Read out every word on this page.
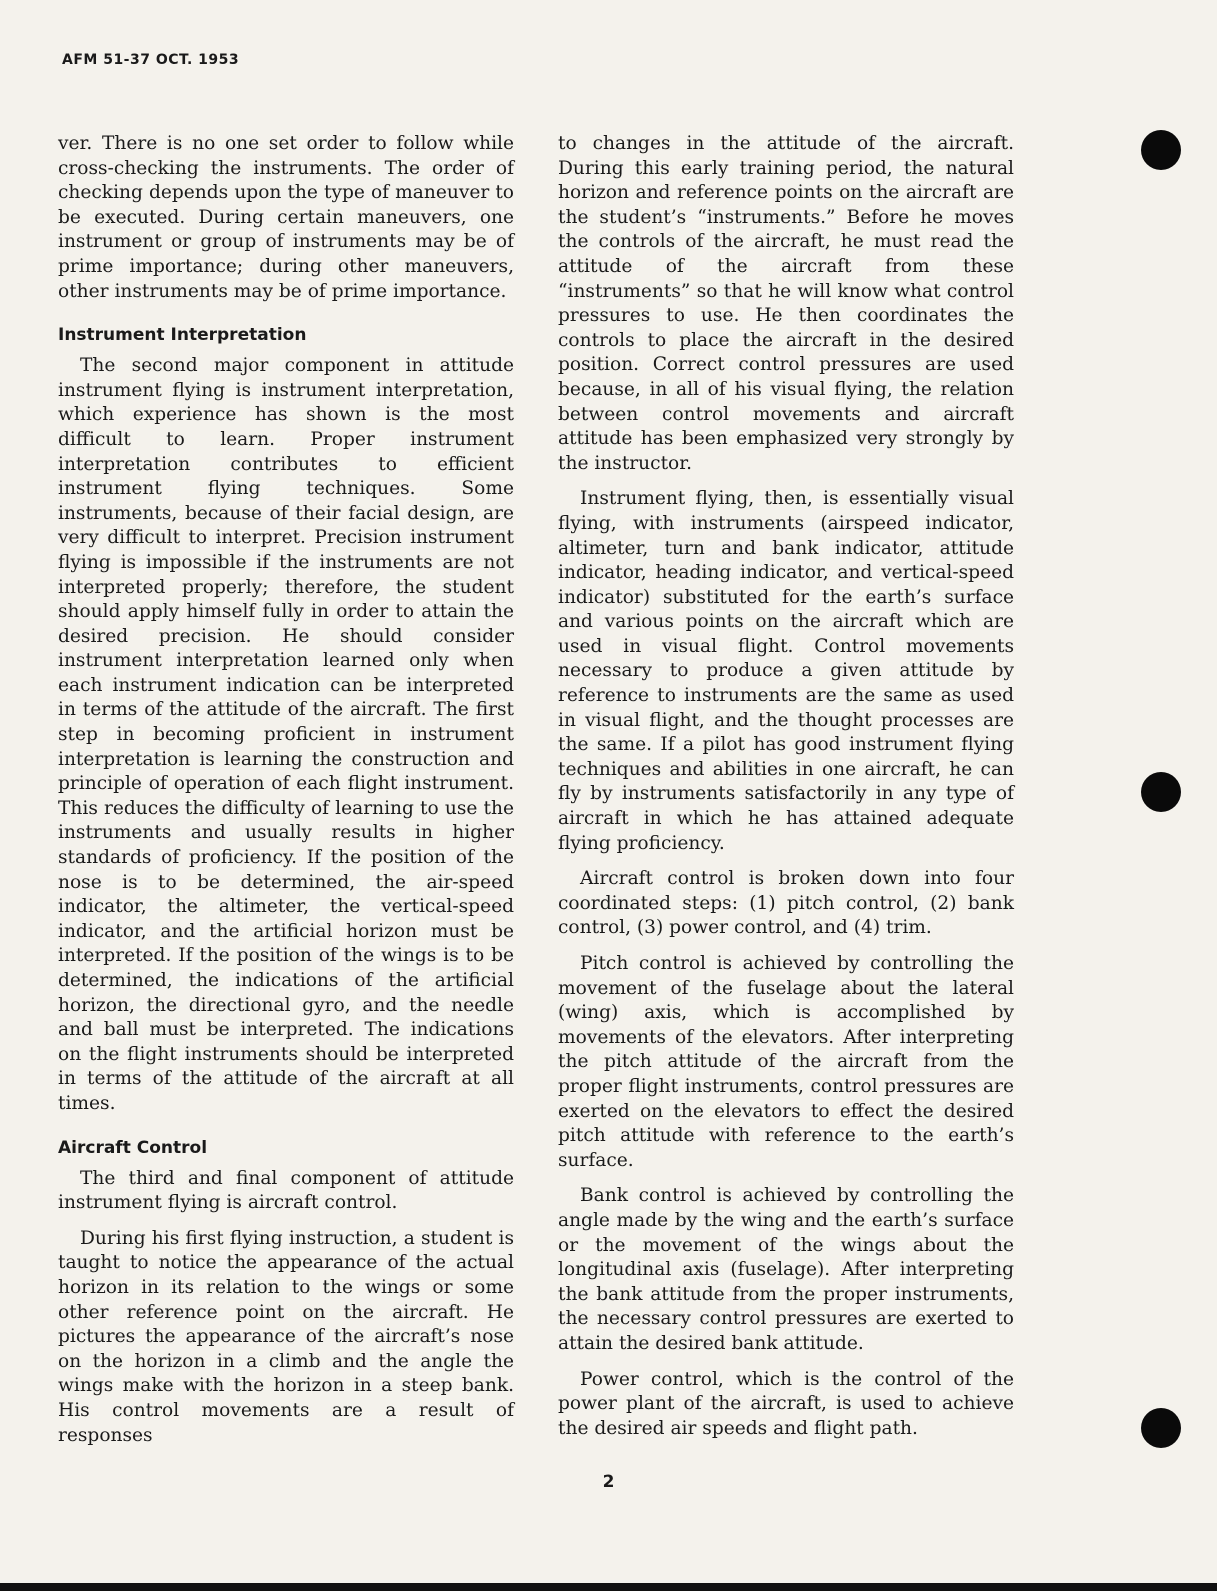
AFM 51-37 OCT. 1953

ver. There is no one set order to follow while cross-checking the instruments. The order of checking depends upon the type of maneuver to be executed. During certain maneuvers, one instrument or group of instruments may be of prime importance; during other maneuvers, other instruments may be of prime importance.

Instrument Interpretation

The second major component in attitude instrument flying is instrument interpretation, which experience has shown is the most difficult to learn. Proper instrument interpretation contributes to efficient instrument flying techniques. Some instruments, because of their facial design, are very difficult to interpret. Precision instrument flying is impossible if the instruments are not interpreted properly; therefore, the student should apply himself fully in order to attain the desired precision. He should consider instrument interpretation learned only when each instrument indication can be interpreted in terms of the attitude of the aircraft. The first step in becoming proficient in instrument interpretation is learning the construction and principle of operation of each flight instrument. This reduces the difficulty of learning to use the instruments and usually results in higher standards of proficiency. If the position of the nose is to be determined, the air-speed indicator, the altimeter, the vertical-speed indicator, and the artificial horizon must be interpreted. If the position of the wings is to be determined, the indications of the artificial horizon, the directional gyro, and the needle and ball must be interpreted. The indications on the flight instruments should be interpreted in terms of the attitude of the aircraft at all times.

Aircraft Control

The third and final component of attitude instrument flying is aircraft control.

During his first flying instruction, a student is taught to notice the appearance of the actual horizon in its relation to the wings or some other reference point on the aircraft. He pictures the appearance of the aircraft’s nose on the horizon in a climb and the angle the wings make with the horizon in a steep bank. His control movements are a result of responses

to changes in the attitude of the aircraft. During this early training period, the natural horizon and reference points on the aircraft are the student’s “instruments.” Before he moves the controls of the aircraft, he must read the attitude of the aircraft from these “instruments” so that he will know what control pressures to use. He then coordinates the controls to place the aircraft in the desired position. Correct control pressures are used because, in all of his visual flying, the relation between control movements and aircraft attitude has been emphasized very strongly by the instructor.

Instrument flying, then, is essentially visual flying, with instruments (airspeed indicator, altimeter, turn and bank indicator, attitude indicator, heading indicator, and vertical-speed indicator) substituted for the earth’s surface and various points on the aircraft which are used in visual flight. Control movements necessary to produce a given attitude by reference to instruments are the same as used in visual flight, and the thought processes are the same. If a pilot has good instrument flying techniques and abilities in one aircraft, he can fly by instruments satisfactorily in any type of aircraft in which he has attained adequate flying proficiency.

Aircraft control is broken down into four coordinated steps: (1) pitch control, (2) bank control, (3) power control, and (4) trim.

Pitch control is achieved by controlling the movement of the fuselage about the lateral (wing) axis, which is accomplished by movements of the elevators. After interpreting the pitch attitude of the aircraft from the proper flight instruments, control pressures are exerted on the elevators to effect the desired pitch attitude with reference to the earth’s surface.

Bank control is achieved by controlling the angle made by the wing and the earth’s surface or the movement of the wings about the longitudinal axis (fuselage). After interpreting the bank attitude from the proper instruments, the necessary control pressures are exerted to attain the desired bank attitude.

Power control, which is the control of the power plant of the aircraft, is used to achieve the desired air speeds and flight path.

2
